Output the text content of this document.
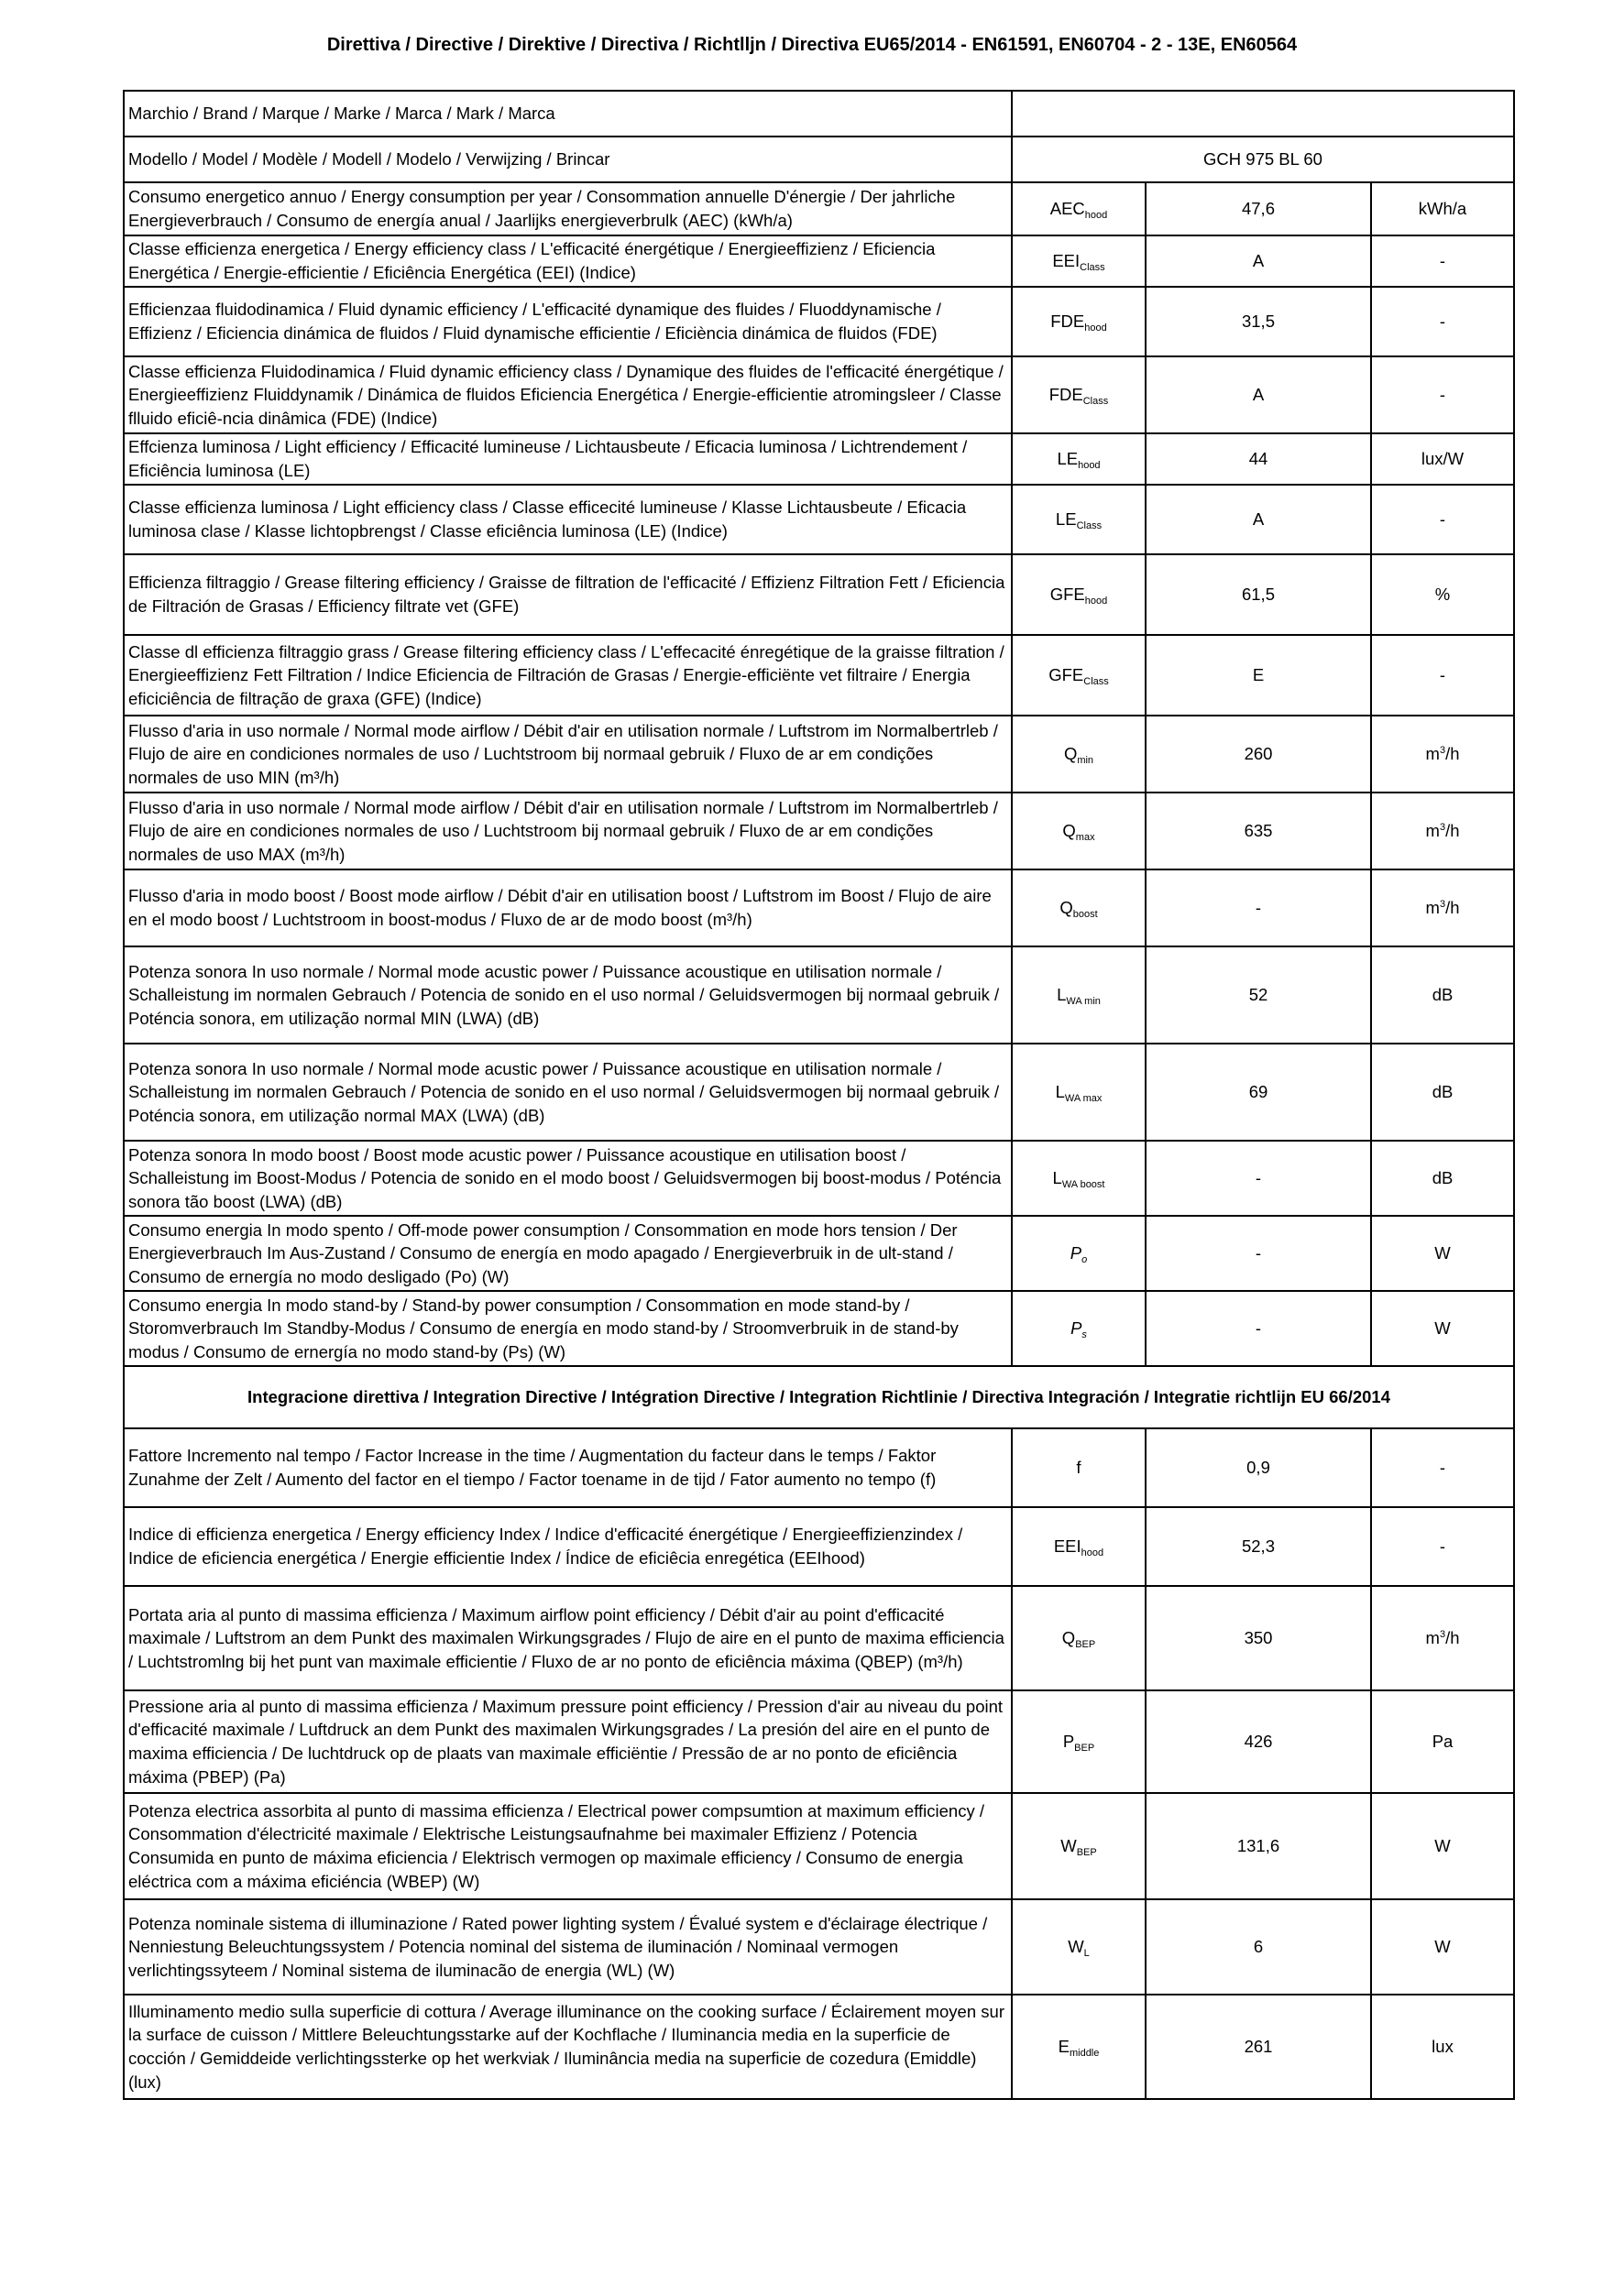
Direttiva / Directive / Direktive / Directiva / Richtlljn / Directiva EU65/2014 - EN61591, EN60704 - 2 - 13E, EN60564
Marchio / Brand / Marque / Marke / Marca / Mark / Marca			
Modello / Model / Modèle / Modell / Modelo / Verwijzing / Brincar	GCH 975 BL 60		
Consumo energetico annuo / Energy consumption per year / Consommation annuelle D'énergie / Der jahrliche Energieverbrauch / Consumo de energía anual / Jaarlijks energieverbrulk (AEC) (kWh/a)	$AEC_{hood}$	47,6	kWh/a
Classe efficienza energetica / Energy efficiency class / L'efficacité énergétique / Energieeffizienz / Eficiencia Energética / Energie-efficientie / Eficiência Energética (EEI) (Indice)	$EEI_{Class}$	A	-
Efficienzaa fluidodinamica / Fluid dynamic efficiency / L'efficacité dynamique des fluides / Fluoddynamische / Effizienz / Eficiencia dinámica de fluidos / Fluid dynamische efficientie / Eficiència dinámica de fluidos (FDE)	$FDE_{hood}$	31,5	-
Classe efficienza Fluidodinamica / Fluid dynamic efficiency class / Dynamique des fluides de l'efficacité énergétique / Energieeffizienz Fluiddynamik / Dinámica de fluidos Eficiencia Energética / Energie-efficientie atromingsleer / Classe flluido eficiê-ncia dinâmica (FDE) (Indice)	$FDE_{Class}$	A	-
Effcienza luminosa / Light efficiency / Efficacité lumineuse / Lichtausbeute / Eficacia luminosa / Lichtrendement / Eficiência luminosa (LE)	$LE_{hood}$	44	lux/W
Classe efficienza luminosa / Light efficiency class / Classe efficecité lumineuse / Klasse Lichtausbeute / Eficacia luminosa clase / Klasse lichtopbrengst / Classe eficiência luminosa (LE) (Indice)	$LE_{Class}$	A	-
Efficienza filtraggio / Grease filtering efficiency / Graisse de filtration de l'efficacité / Effizienz Filtration Fett / Eficiencia de Filtración de Grasas / Efficiency filtrate vet (GFE)	$GFE_{hood}$	61,5	%
Classe dl efficienza filtraggio grass / Grease filtering efficiency class / L'effecacité énregétique de la graisse filtration / Energieeffizienz Fett Filtration / Indice Eficiencia de Filtración de Grasas / Energie-efficiënte vet filtraire / Energia eficiciência de filtração de graxa (GFE) (Indice)	$GFE_{Class}$	E	-
Flusso d'aria in uso normale / Normal mode airflow / Débit d'air en utilisation normale / Luftstrom im Normalbertrleb / Flujo de aire en condiciones normales de uso / Luchtstroom bij normaal gebruik / Fluxo de ar em condições normales de uso MIN (m³/h)	$Q_{min}$	260	$m^3/h$
Flusso d'aria in uso normale / Normal mode airflow / Débit d'air en utilisation normale / Luftstrom im Normalbertrleb / Flujo de aire en condiciones normales de uso / Luchtstroom bij normaal gebruik / Fluxo de ar em condições normales de uso MAX (m³/h)	$Q_{max}$	635	$m^3/h$
Flusso d'aria in modo boost / Boost mode airflow / Débit d'air en utilisation boost / Luftstrom im Boost / Flujo de aire en el modo boost / Luchtstroom in boost-modus / Fluxo de ar de modo boost (m³/h)	$Q_{boost}$	-	$m^3/h$
Potenza sonora In uso normale / Normal mode acustic power / Puissance acoustique en utilisation normale / Schalleistung im normalen Gebrauch / Potencia de sonido en el uso normal / Geluidsvermogen bij normaal gebruik / Poténcia sonora, em utilização normal MIN (LWA) (dB)	$L_{WA min}$	52	dB
Potenza sonora In uso normale / Normal mode acustic power / Puissance acoustique en utilisation normale / Schalleistung im normalen Gebrauch / Potencia de sonido en el uso normal / Geluidsvermogen bij normaal gebruik / Poténcia sonora, em utilização normal MAX (LWA) (dB)	$L_{WA max}$	69	dB
Potenza sonora In modo boost / Boost mode acustic power / Puissance acoustique en utilisation boost / Schalleistung im Boost-Modus / Potencia de sonido en el modo boost / Geluidsvermogen bij boost-modus / Poténcia sonora tão boost (LWA) (dB)	$L_{WA boost}$	-	dB
Consumo energia In modo spento / Off-mode power consumption / Consommation en mode hors tension / Der Energieverbrauch Im Aus-Zustand / Consumo de energía en modo apagado / Energieverbruik in de ult-stand / Consumo de ernergía no modo desligado (Po) (W)	$P_o$	-	W
Consumo energia In modo stand-by / Stand-by power consumption / Consommation en mode stand-by / Storomverbrauch Im Standby-Modus / Consumo de energía en modo stand-by / Stroomverbruik in de stand-by modus / Consumo de ernergía no modo stand-by (Ps) (W)	$P_s$	-	W
Integracione direttiva / Integration Directive / Intégration Directive / Integration Richtlinie / Directiva Integración / Integratie richtlijn EU 66/2014			
Fattore Incremento nal tempo / Factor Increase in the time / Augmentation du facteur dans le temps / Faktor Zunahme der Zelt / Aumento del factor en el tiempo / Factor toename in de tijd / Fator aumento no tempo (f)	f	0,9	-
Indice di efficienza energetica / Energy efficiency Index / Indice d'efficacité énergétique / Energieeffizienzindex / Indice de eficiencia energética / Energie efficientie Index / Índice de eficiêcia enregética (EEIhood)	$EEI_{hood}$	52,3	-
Portata aria al punto di massima efficienza / Maximum airflow point efficiency / Débit d'air au point d'efficacité maximale / Luftstrom an dem Punkt des maximalen Wirkungsgrades / Flujo de aire en el punto de maxima efficiencia / Luchtstromlng bij het punt van maximale efficientie / Fluxo de ar no ponto de eficiência máxima (QBEP) (m³/h)	$Q_{BEP}$	350	$m^3/h$
Pressione aria al punto di massima efficienza / Maximum pressure point efficiency / Pression d'air au niveau du point d'efficacité maximale / Luftdruck an dem Punkt des maximalen Wirkungsgrades / La presión del aire en el punto de maxima efficiencia / De luchtdruck op de plaats van maximale efficiëntie / Pressão de ar no ponto de eficiência máxima (PBEP) (Pa)	$P_{BEP}$	426	Pa
Potenza electrica assorbita al punto di massima efficienza / Electrical power compsumtion at maximum efficiency / Consommation d'électricité maximale / Elektrische Leistungsaufnahme bei maximaler Effizienz / Potencia Consumida en punto de máxima eficiencia / Elektrisch vermogen op maximale efficiency / Consumo de energia eléctrica com a máxima eficiéncia (WBEP) (W)	$W_{BEP}$	131,6	W
Potenza nominale sistema di illuminazione / Rated power lighting system / Évalué system e d'éclairage électrique / Nenniestung Beleuchtungssystem / Potencia nominal del sistema de iluminación / Nominaal vermogen verlichtingssyteem / Nominal sistema de iluminacão de energia (WL) (W)	$W_L$	6	W
Illuminamento medio sulla superficie di cottura / Average illuminance on the cooking surface / Éclairement moyen sur la surface de cuisson / Mittlere Beleuchtungsstarke auf der Kochflache / Iluminancia media en la superficie de cocción / Gemiddeide verlichtingssterke op het werkviak / Iluminância media na superficie de cozedura (Emiddle) (lux)	$E_{middle}$	261	lux
